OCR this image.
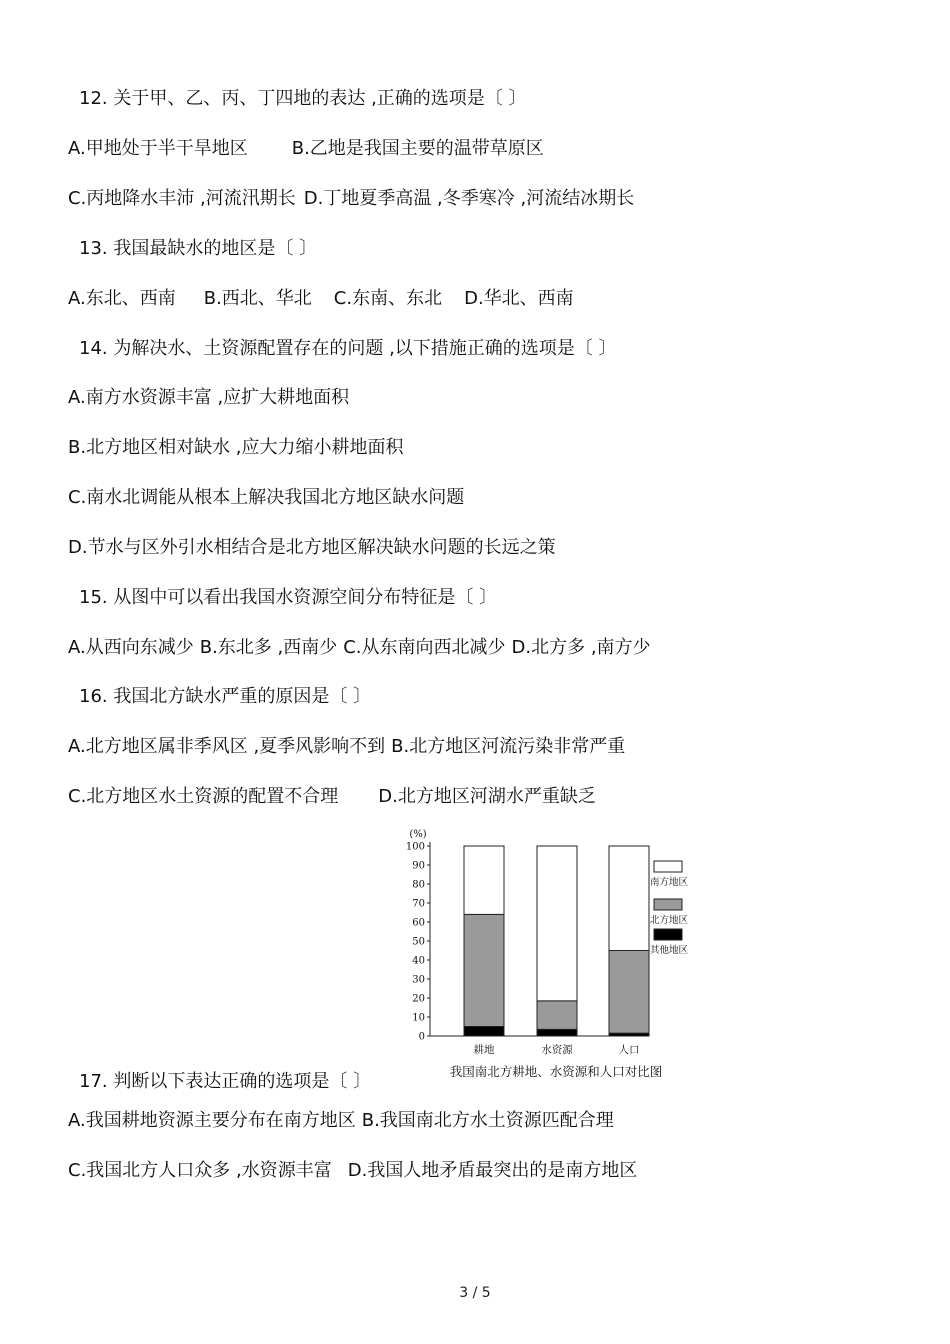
12. 关于甲、乙、丙、丁四地的表达 ,正确的选项是〔 〕
A.甲地处于半干旱地区 B.乙地是我国主要的温带草原区
C.丙地降水丰沛 ,河流汛期长 D.丁地夏季高温 ,冬季寒冷 ,河流结冰期长
13. 我国最缺水的地区是〔 〕
A.东北、西南 B.西北、华北 C.东南、东北 D.华北、西南
14. 为解决水、土资源配置存在的问题 ,以下措施正确的选项是〔 〕
A.南方水资源丰富 ,应扩大耕地面积
B.北方地区相对缺水 ,应大力缩小耕地面积
C.南水北调能从根本上解决我国北方地区缺水问题
D.节水与区外引水相结合是北方地区解决缺水问题的长远之策
15. 从图中可以看出我国水资源空间分布特征是〔 〕
A.从西向东减少 B.东北多 ,西南少 C.从东南向西北减少 D.北方多 ,南方少
16. 我国北方缺水严重的原因是〔 〕
A.北方地区属非季风区 ,夏季风影响不到 B.北方地区河流污染非常严重
C.北方地区水土资源的配置不合理 D.北方地区河湖水严重缺乏
0
10
20
30
40
50
60
70
80
90
100
耕地	水资源	人口
南方地区
北方地区
其他地区
我国南北方耕地、水资源和人口对比图
(%)
17. 判断以下表达正确的选项是〔 〕
A.我国耕地资源主要分布在南方地区 B.我国南北方水土资源匹配合理
C.我国北方人口众多 ,水资源丰富 D.我国人地矛盾最突出的是南方地区
3 / 5
